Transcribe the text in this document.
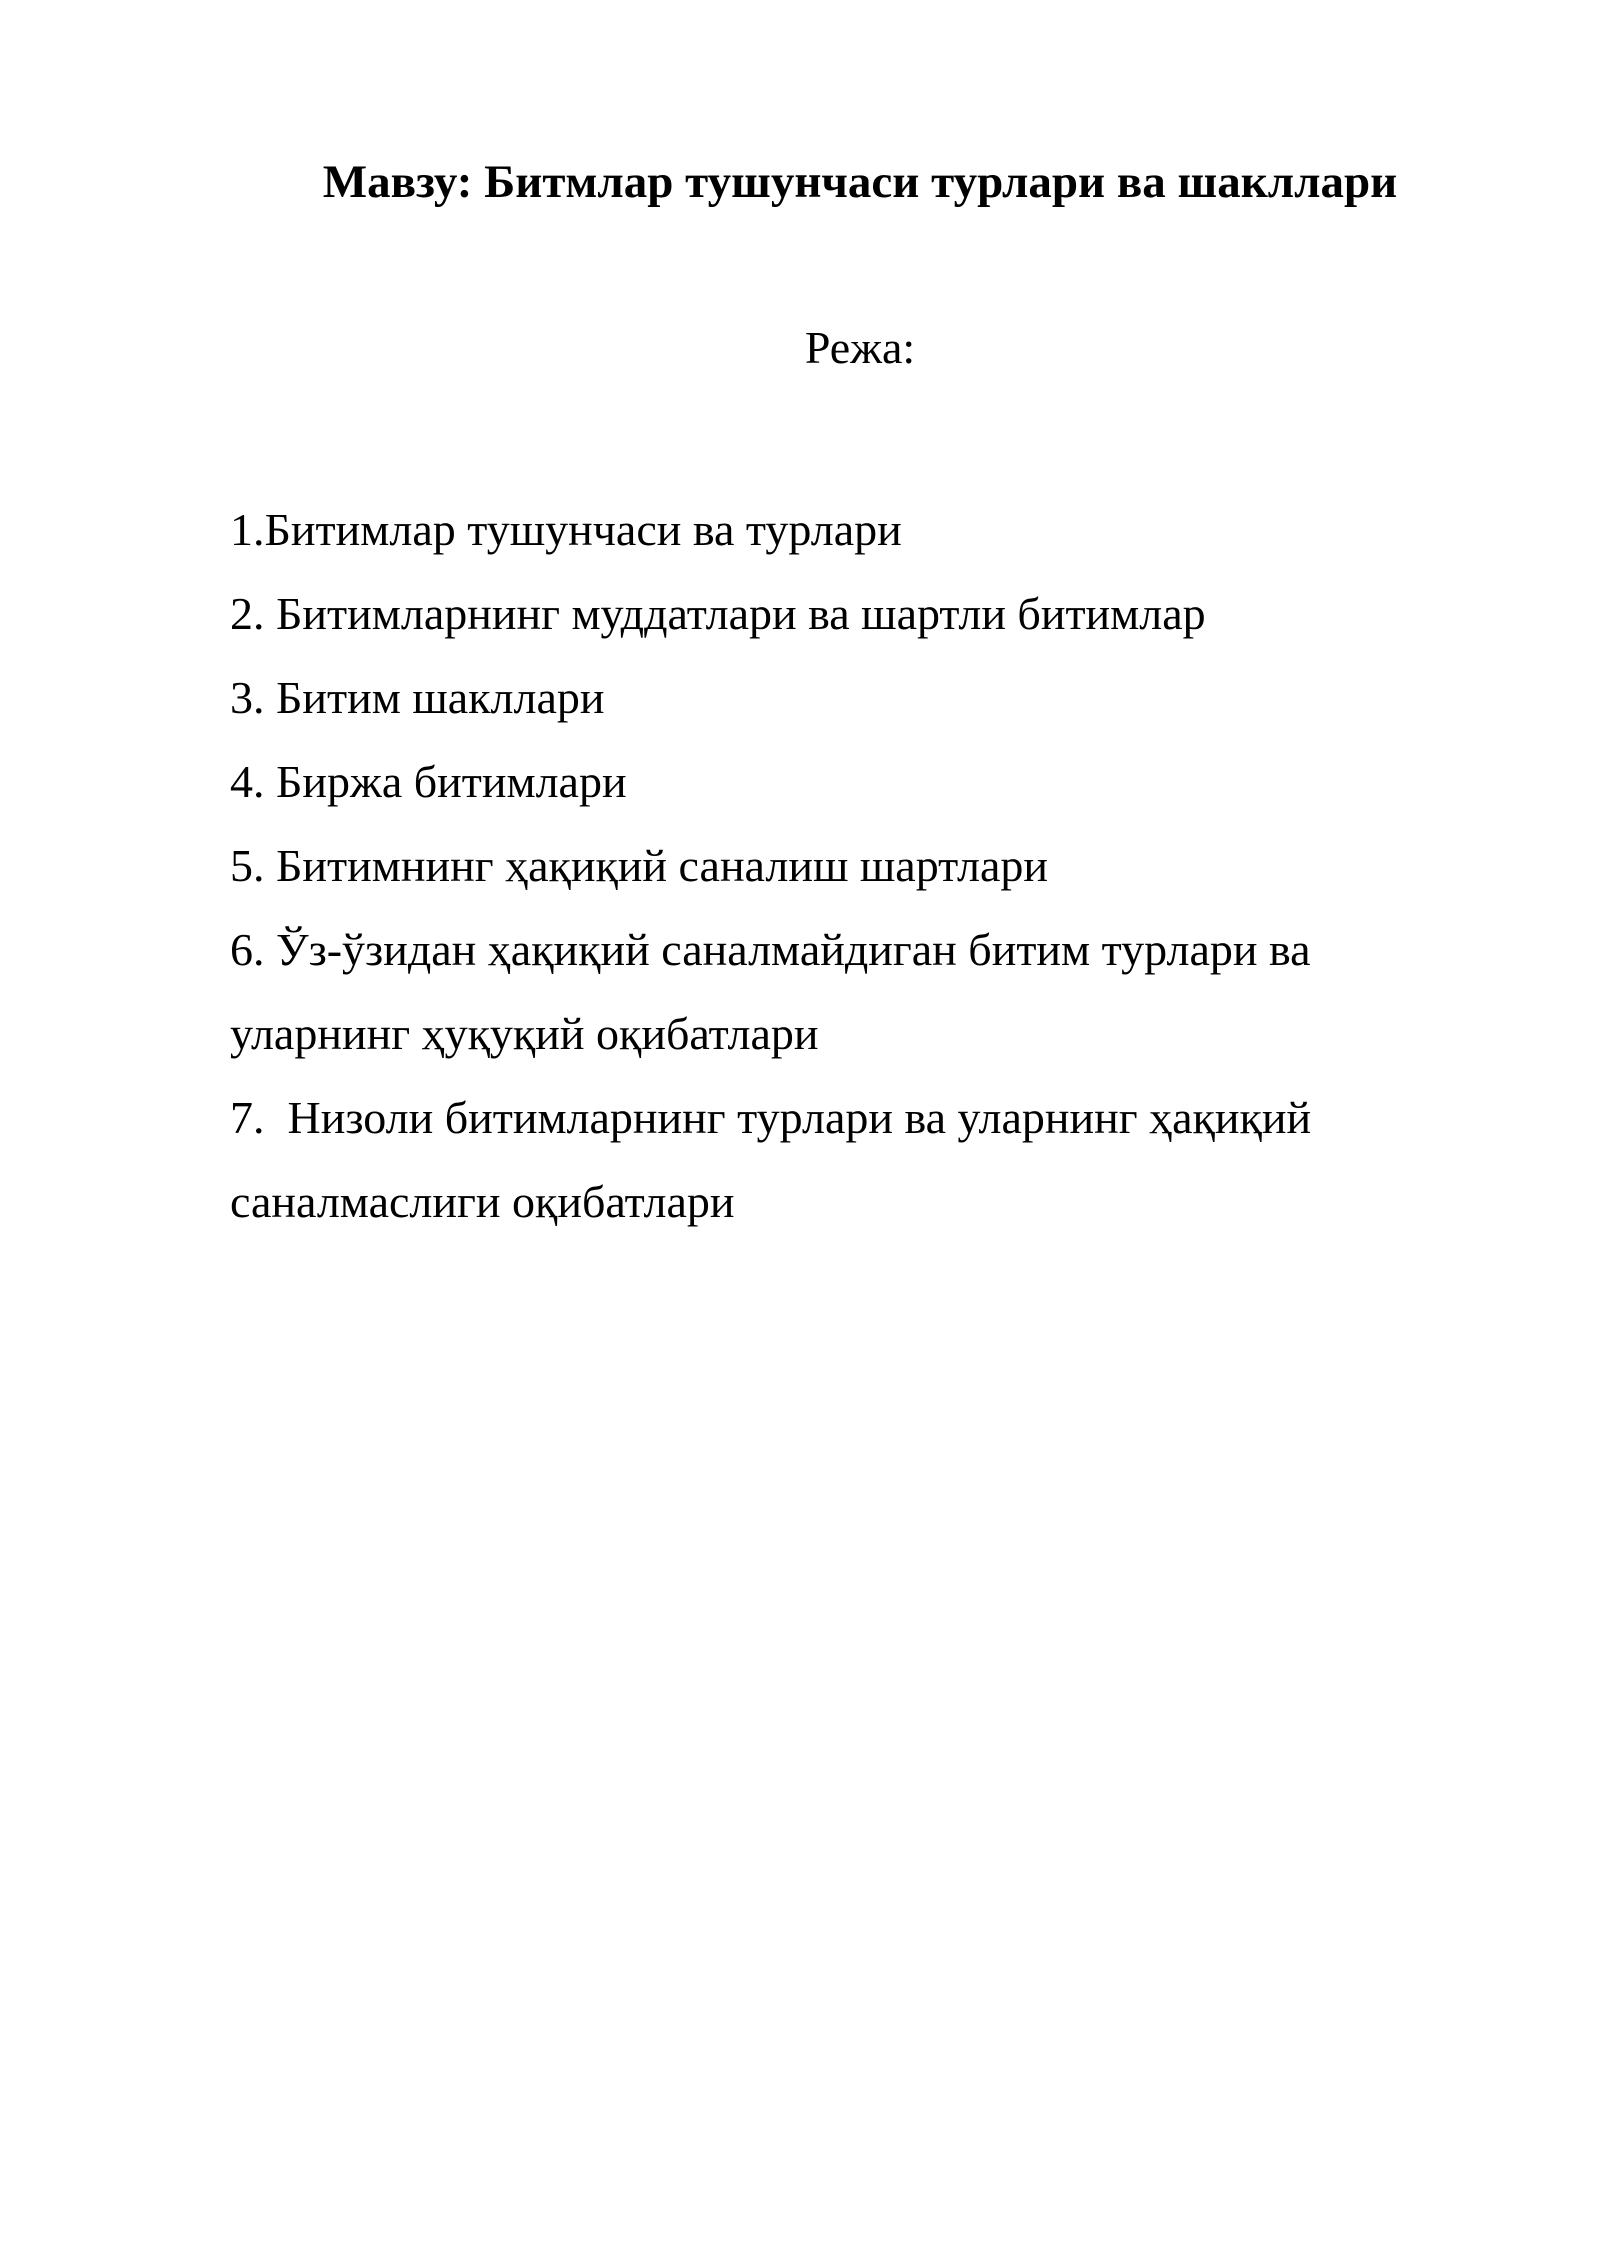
Мавзу: Битмлар тушунчаси турлари ва шакллари
Режа:
1.Битимлар тушунчаси ва турлари
2. Битимларнинг муддатлари ва шартли битимлар
3. Битим шакллари
4. Биржа битимлари
5. Битимнинг ҳақиқий саналиш шартлари
6. Ўз-ўзидан ҳақиқий саналмайдиган битим турлари ва уларнинг ҳуқуқий оқибатлари
7.  Низоли битимларнинг турлари ва уларнинг ҳақиқий саналмаслиги оқибатлари
